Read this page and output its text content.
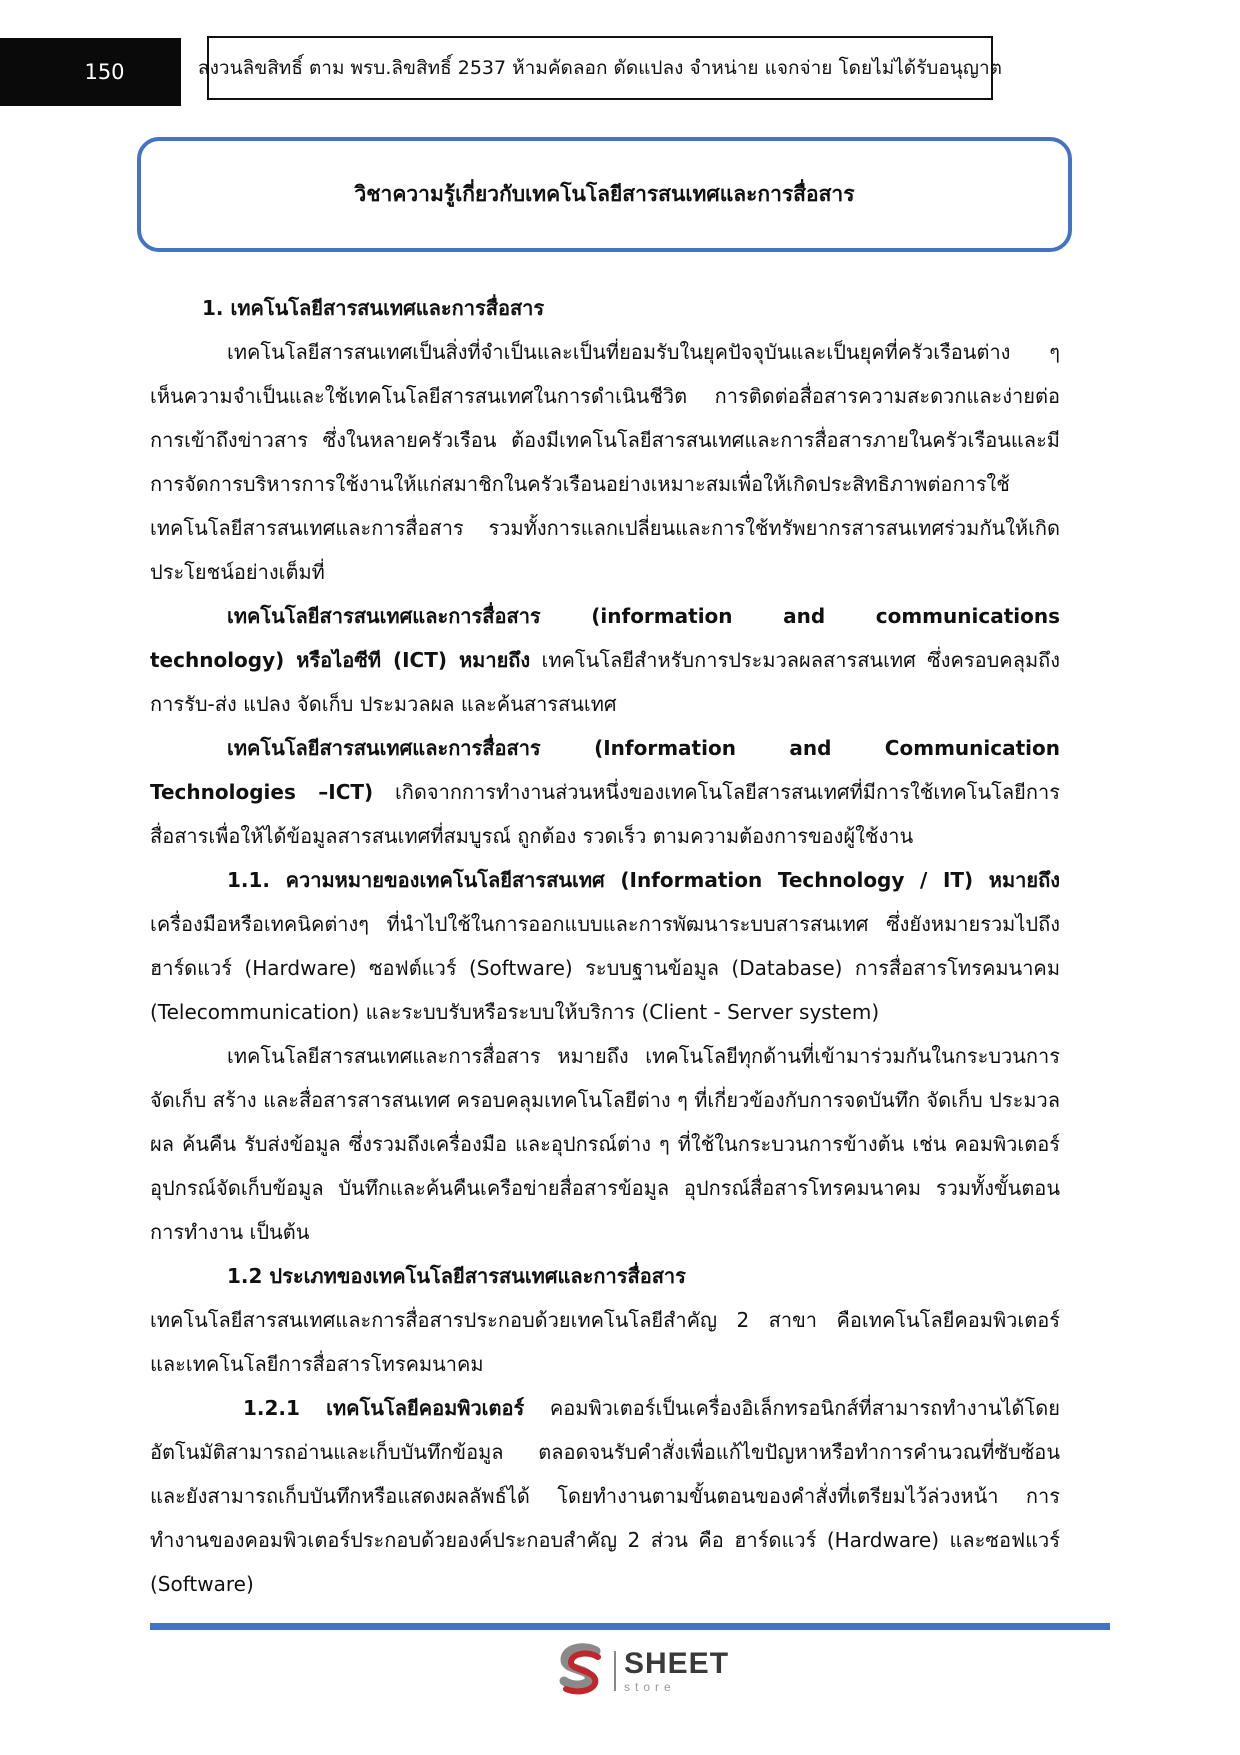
150	สงวนลิขสิทธิ์ ตาม พรบ.ลิขสิทธิ์ 2537 ห้ามคัดลอก ดัดแปลง จำหน่าย แจกจ่าย โดยไม่ได้รับอนุญาต
วิชาความรู้เกี่ยวกับเทคโนโลยีสารสนเทศและการสื่อสาร

1. เทคโนโลยีสารสนเทศและการสื่อสาร

เทคโนโลยีสารสนเทศเป็นสิ่งที่จำเป็นและเป็นที่ยอมรับในยุคปัจจุบันและเป็นยุคที่ครัวเรือนต่าง ๆ เห็นความจำเป็นและใช้เทคโนโลยีสารสนเทศในการดำเนินชีวิต การติดต่อสื่อสารความสะดวกและง่ายต่อการเข้าถึงข่าวสาร ซึ่งในหลายครัวเรือน ต้องมีเทคโนโลยีสารสนเทศและการสื่อสารภายในครัวเรือนและมีการจัดการบริหารการใช้งานให้แก่สมาชิกในครัวเรือนอย่างเหมาะสมเพื่อให้เกิดประสิทธิภาพต่อการใช้เทคโนโลยีสารสนเทศและการสื่อสาร รวมทั้งการแลกเปลี่ยนและการใช้ทรัพยากรสารสนเทศร่วมกันให้เกิดประโยชน์อย่างเต็มที่

เทคโนโลยีสารสนเทศและการสื่อสาร (information and communications technology) หรือไอซีที (ICT) หมายถึง เทคโนโลยีสำหรับการประมวลผลสารสนเทศ ซึ่งครอบคลุมถึงการรับ-ส่ง แปลง จัดเก็บ ประมวลผล และค้นสารสนเทศ

เทคโนโลยีสารสนเทศและการสื่อสาร (Information and Communication Technologies –ICT) เกิดจากการทำงานส่วนหนึ่งของเทคโนโลยีสารสนเทศที่มีการใช้เทคโนโลยีการสื่อสารเพื่อให้ได้ข้อมูลสารสนเทศที่สมบูรณ์ ถูกต้อง รวดเร็ว ตามความต้องการของผู้ใช้งาน

1.1. ความหมายของเทคโนโลยีสารสนเทศ (Information Technology / IT) หมายถึง เครื่องมือหรือเทคนิคต่างๆ ที่นำไปใช้ในการออกแบบและการพัฒนาระบบสารสนเทศ ซึ่งยังหมายรวมไปถึงฮาร์ดแวร์ (Hardware) ซอฟต์แวร์ (Software) ระบบฐานข้อมูล (Database) การสื่อสารโทรคมนาคม (Telecommunication) และระบบรับหรือระบบให้บริการ (Client - Server system)

เทคโนโลยีสารสนเทศและการสื่อสาร หมายถึง เทคโนโลยีทุกด้านที่เข้ามาร่วมกันในกระบวนการจัดเก็บ สร้าง และสื่อสารสารสนเทศ ครอบคลุมเทคโนโลยีต่าง ๆ ที่เกี่ยวข้องกับการจดบันทึก จัดเก็บ ประมวลผล ค้นคืน รับส่งข้อมูล ซึ่งรวมถึงเครื่องมือ และอุปกรณ์ต่าง ๆ ที่ใช้ในกระบวนการข้างต้น เช่น คอมพิวเตอร์ อุปกรณ์จัดเก็บข้อมูล บันทึกและค้นคืนเครือข่ายสื่อสารข้อมูล อุปกรณ์สื่อสารโทรคมนาคม รวมทั้งขั้นตอนการทำงาน เป็นต้น

1.2 ประเภทของเทคโนโลยีสารสนเทศและการสื่อสาร

เทคโนโลยีสารสนเทศและการสื่อสารประกอบด้วยเทคโนโลยีสำคัญ 2 สาขา คือเทคโนโลยีคอมพิวเตอร์ และเทคโนโลยีการสื่อสารโทรคมนาคม

1.2.1 เทคโนโลยีคอมพิวเตอร์ คอมพิวเตอร์เป็นเครื่องอิเล็กทรอนิกส์ที่สามารถทำงานได้โดยอัตโนมัติสามารถอ่านและเก็บบันทึกข้อมูล ตลอดจนรับคำสั่งเพื่อแก้ไขปัญหาหรือทำการคำนวณที่ซับซ้อน และยังสามารถเก็บบันทึกหรือแสดงผลลัพธ์ได้ โดยทำงานตามขั้นตอนของคำสั่งที่เตรียมไว้ล่วงหน้า การทำงานของคอมพิวเตอร์ประกอบด้วยองค์ประกอบสำคัญ 2 ส่วน คือ ฮาร์ดแวร์ (Hardware) และซอฟแวร์ (Software)

SHEET
store
